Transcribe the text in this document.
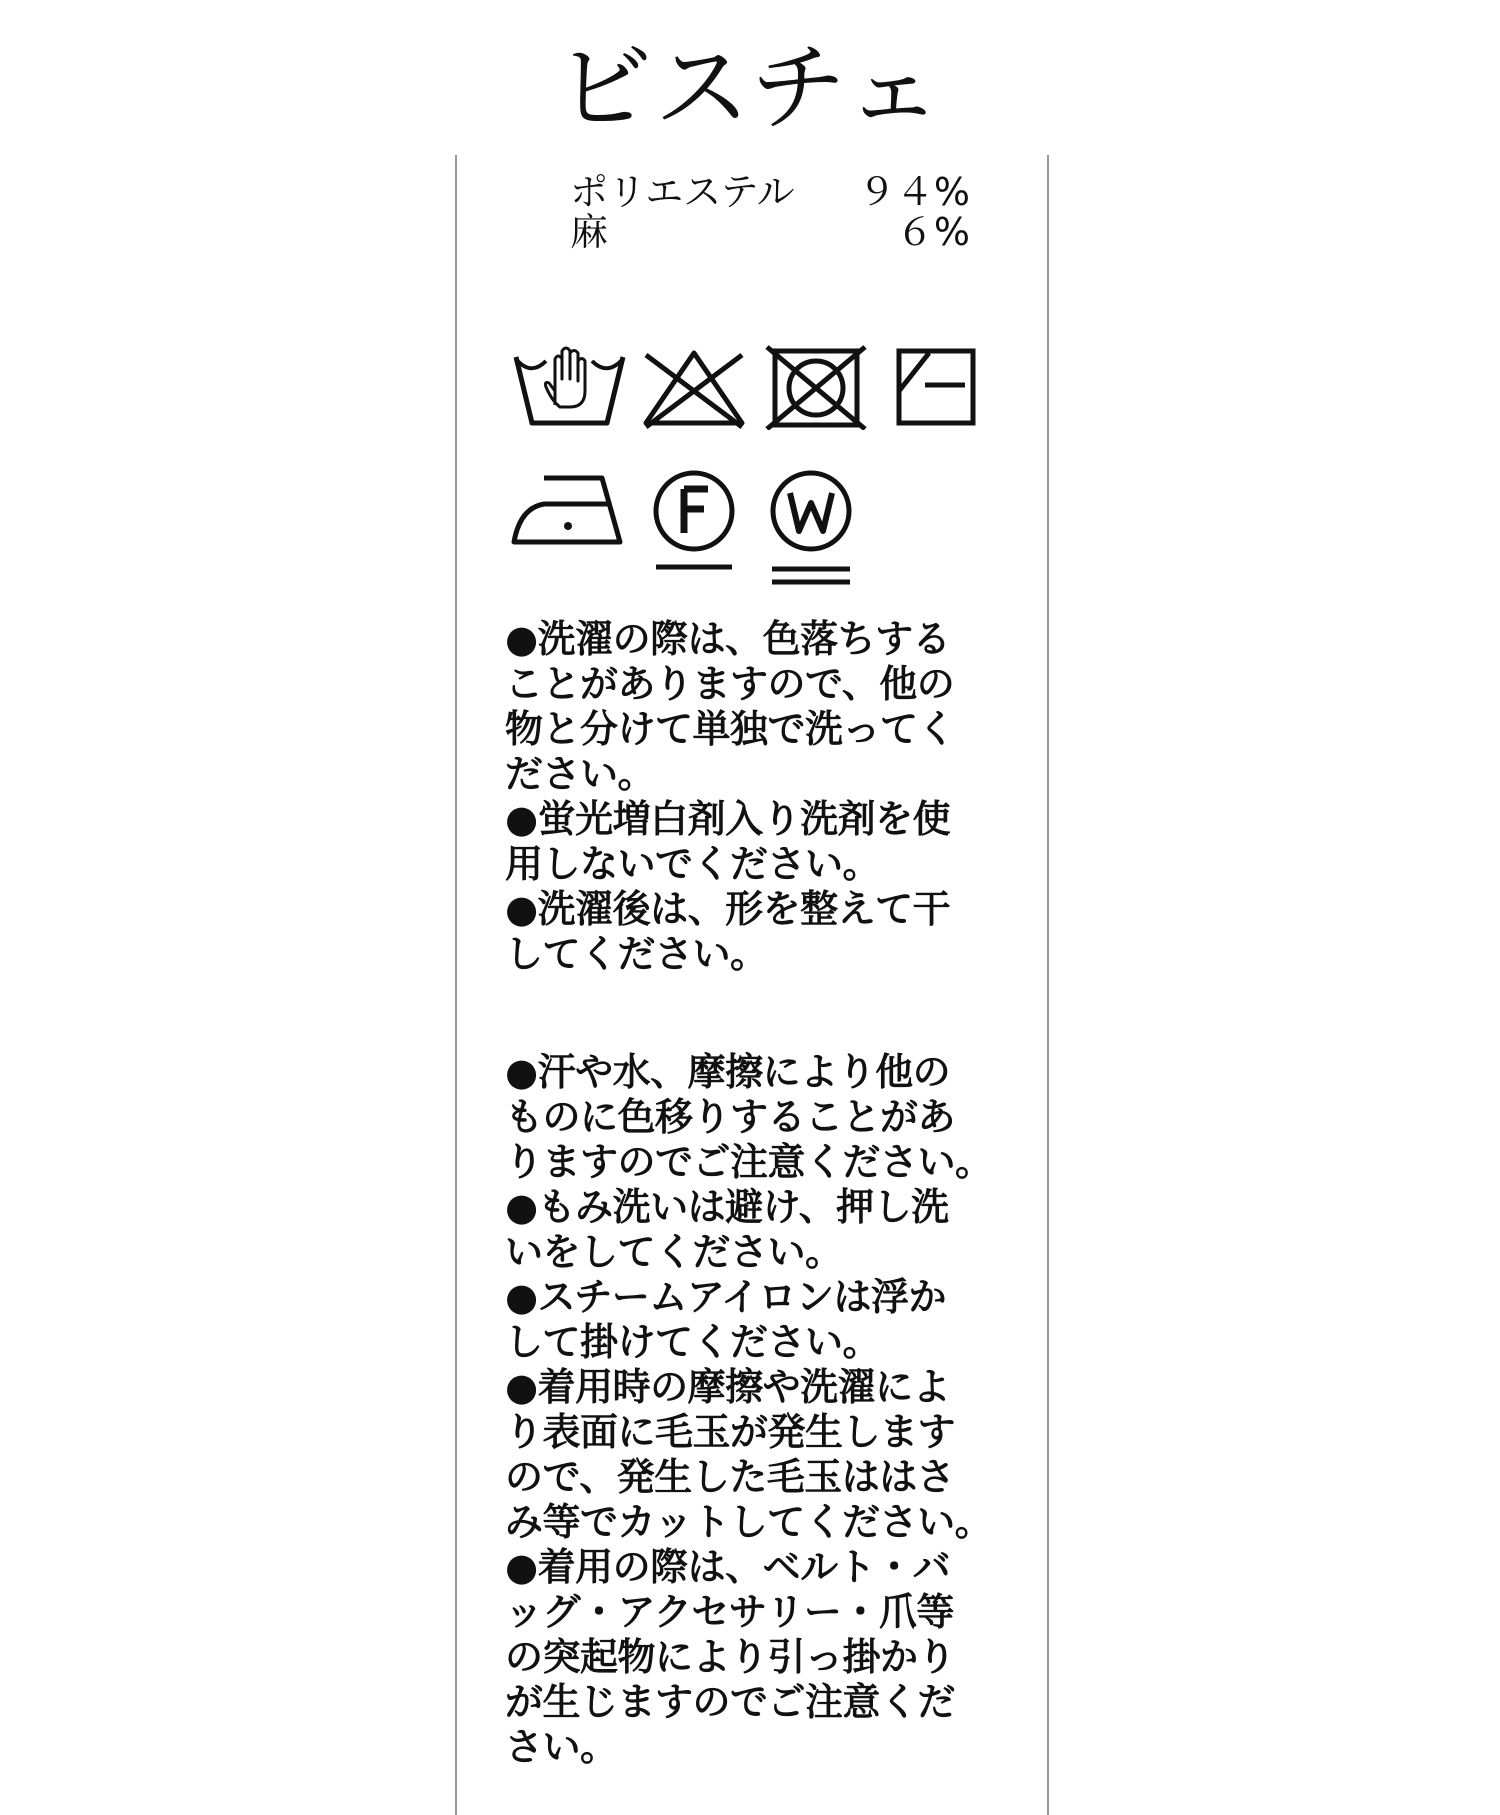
ビスチェ
ポリエステル ９４%
麻	６%

●洗濯の際は、色落ちする

ことがありますので、他の

物と分けて単独で洗ってく

ださい。

●蛍光増白剤入り洗剤を使

用しないでください。

●洗濯後は、形を整えて干

してください。

●汗や水、摩擦により他の

ものに色移りすることがあ

りますのでご注意ください。

●もみ洗いは避け、押し洗

いをしてください。

●スチームアイロンは浮か

して掛けてください。

●着用時の摩擦や洗濯によ

り表面に毛玉が発生します

ので、発生した毛玉ははさ

み等でカットしてください。

●着用の際は、ベルト・バ

ッグ・アクセサリー・爪等

の突起物により引っ掛かり

が生じますのでご注意くだ

さい。
